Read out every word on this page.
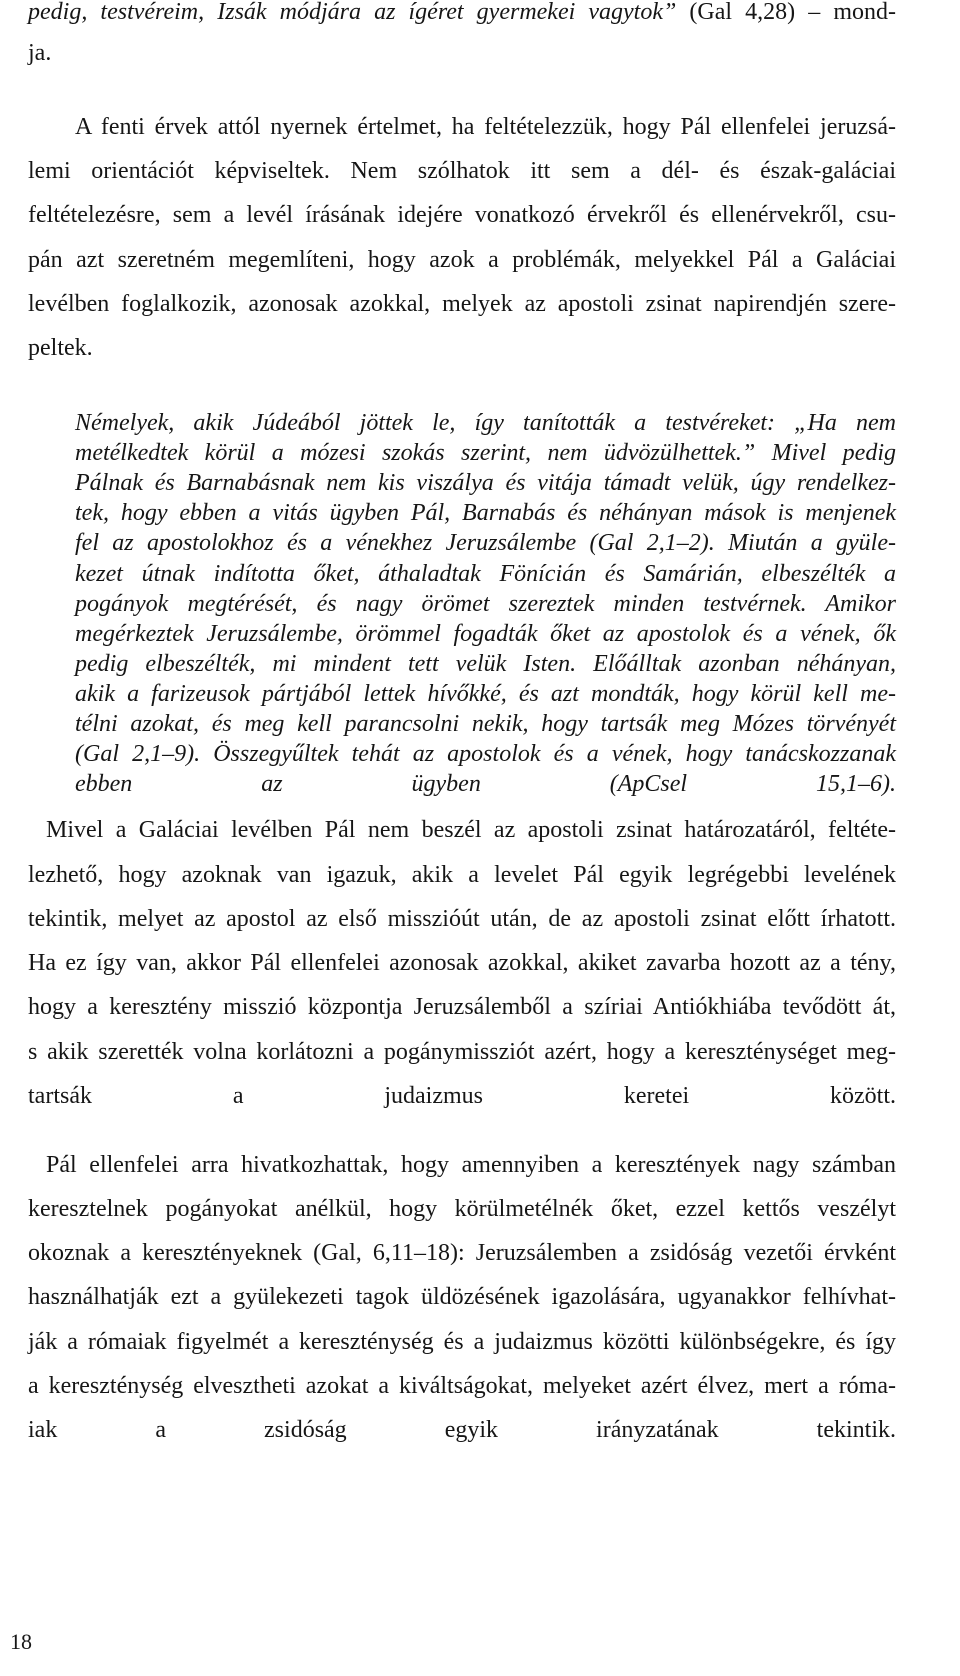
pedig, testvéreim, Izsák módjára az ígéret gyermekei vagytok” (Gal 4,28) – mond-
ja.
A fenti érvek attól nyernek értelmet, ha feltételezzük, hogy Pál ellenfelei jeruzsá-
lemi orientációt képviseltek. Nem szólhatok itt sem a dél- és észak-galáciai
feltételezésre, sem a levél írásának idejére vonatkozó érvekről és ellenérvekről, csu-
pán azt szeretném megemlíteni, hogy azok a problémák, melyekkel Pál a Galáciai
levélben foglalkozik, azonosak azokkal, melyek az apostoli zsinat napirendjén szere-
peltek.
Némelyek, akik Júdeából jöttek le, így tanították a testvéreket: „Ha nem
metélkedtek körül a mózesi szokás szerint, nem üdvözülhettek.” Mivel pedig
Pálnak és Barnabásnak nem kis viszálya és vitája támadt velük, úgy rendelkez-
tek, hogy ebben a vitás ügyben Pál, Barnabás és néhányan mások is menjenek
fel az apostolokhoz és a vénekhez Jeruzsálembe (Gal 2,1–2). Miután a gyüle-
kezet útnak indította őket, áthaladtak Fönícián és Samárián, elbeszélték a
pogányok megtérését, és nagy örömet szereztek minden testvérnek. Amikor
megérkeztek Jeruzsálembe, örömmel fogadták őket az apostolok és a vének, ők
pedig elbeszélték, mi mindent tett velük Isten. Előálltak azonban néhányan,
akik a farizeusok pártjából lettek hívőkké, és azt mondták, hogy körül kell me-
télni azokat, és meg kell parancsolni nekik, hogy tartsák meg Mózes törvényét
(Gal 2,1–9). Összegyűltek tehát az apostolok és a vének, hogy tanácskozzanak
ebben az ügyben (ApCsel 15,1–6).
Mivel a Galáciai levélben Pál nem beszél az apostoli zsinat határozatáról, feltéte-
lezhető, hogy azoknak van igazuk, akik a levelet Pál egyik legrégebbi levelének
tekintik, melyet az apostol az első misszióút után, de az apostoli zsinat előtt írhatott.
Ha ez így van, akkor Pál ellenfelei azonosak azokkal, akiket zavarba hozott az a tény,
hogy a keresztény misszió központja Jeruzsálemből a szíriai Antiókhiába tevődött át,
s akik szerették volna korlátozni a pogánymissziót azért, hogy a kereszténységet meg-
tartsák a judaizmus keretei között.
Pál ellenfelei arra hivatkozhattak, hogy amennyiben a keresztények nagy számban
keresztelnek pogányokat anélkül, hogy körülmetélnék őket, ezzel kettős veszélyt
okoznak a keresztényeknek (Gal, 6,11–18): Jeruzsálemben a zsidóság vezetői érvként
használhatják ezt a gyülekezeti tagok üldözésének igazolására, ugyanakkor felhívhat-
ják a rómaiak figyelmét a kereszténység és a judaizmus közötti különbségekre, és így
a kereszténység elvesztheti azokat a kiváltságokat, melyeket azért élvez, mert a róma-
iak a zsidóság egyik irányzatának tekintik.
18
